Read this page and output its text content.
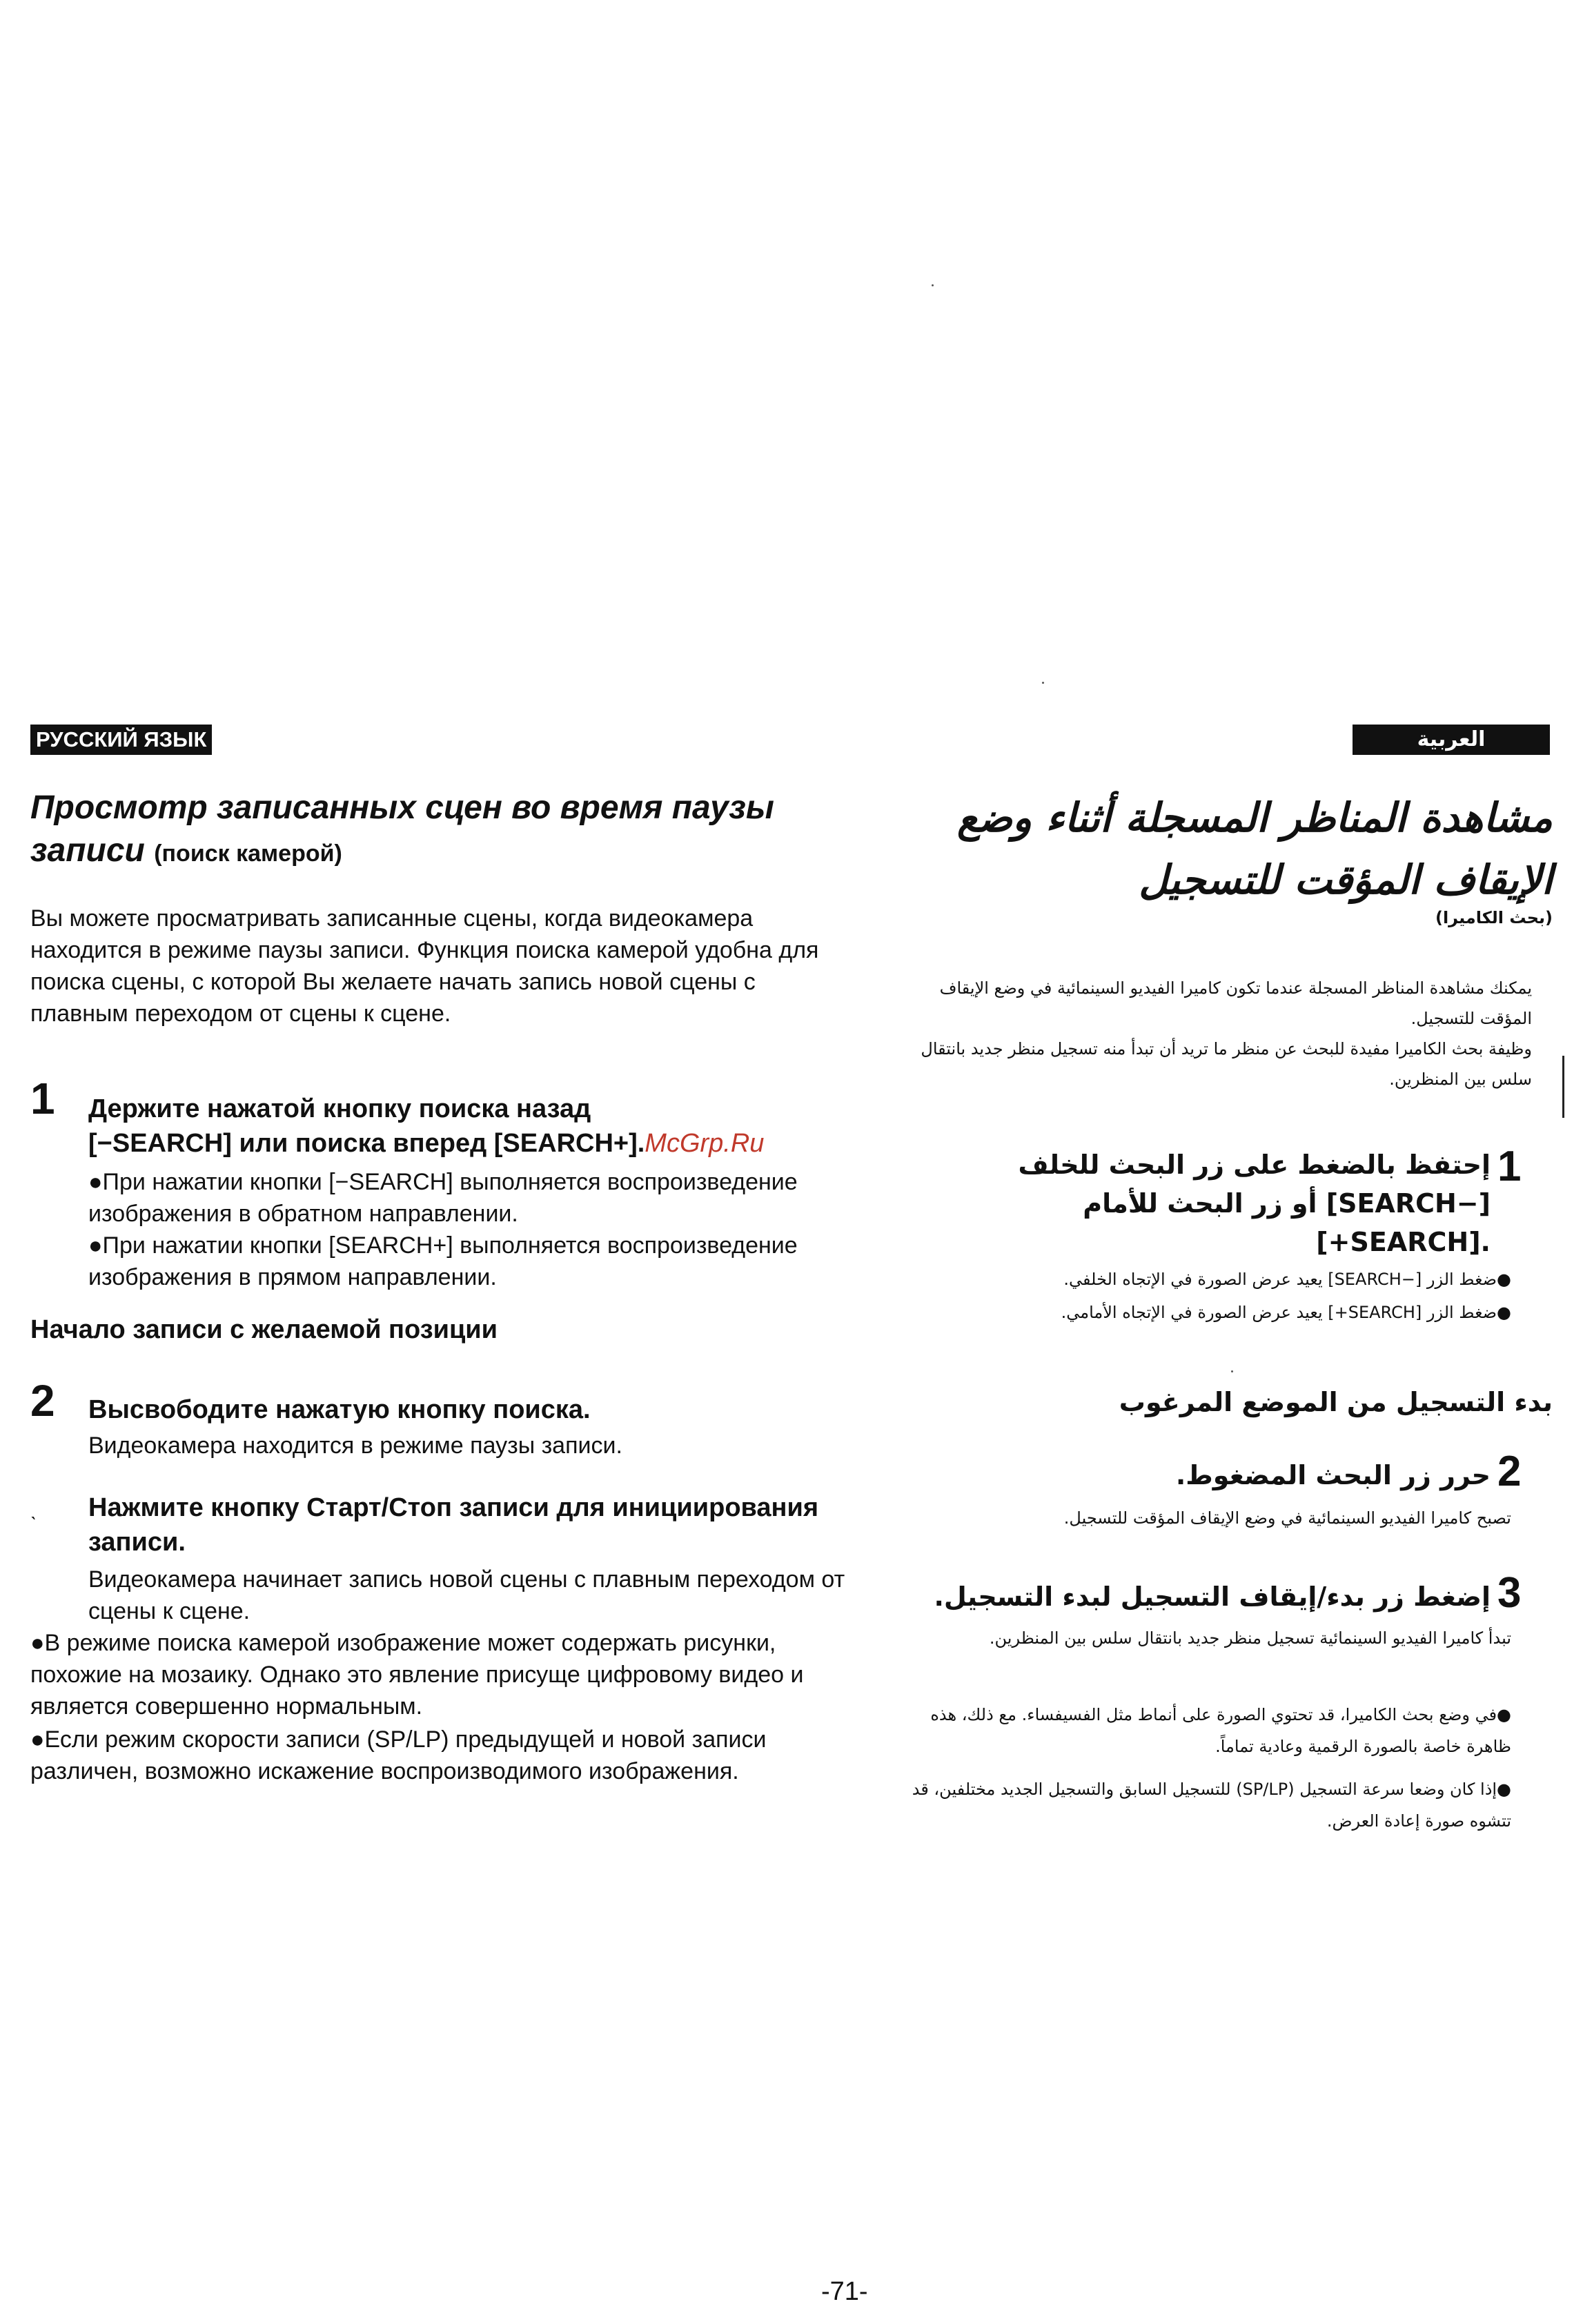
РУССКИЙ ЯЗЫК
Просмотр записанных сцен во время паузы записи (поиск камерой)
Вы можете просматривать записанные сцены, когда видеокамера находится в режиме паузы записи. Функция поиска камерой удобна для поиска сцены, с которой Вы желаете начать запись новой сцены с плавным переходом от сцены к сцене.
1 Держите нажатой кнопку поиска назад
[−SEARCH] или поиска вперед [SEARCH+].McGrp.Ru
●При нажатии кнопки [−SEARCH] выполняется воспроизведение изображения в обратном направлении.
●При нажатии кнопки [SEARCH+] выполняется воспроизведение изображения в прямом направлении.
Начало записи с желаемой позиции
2 Высвободите нажатую кнопку поиска.
Видеокамера находится в режиме паузы записи.
ˎ Нажмите кнопку Старт/Стоп записи для инициирования записи.
Видеокамера начинает запись новой сцены с плавным переходом от сцены к сцене.
●В режиме поиска камерой изображение может содержать рисунки, похожие на мозаику. Однако это явление присуще цифровому видео и является совершенно нормальным.
●Если режим скорости записи (SP/LP) предыдущей и новой записи различен, возможно искажение воспроизводимого изображения.
العربية
مشاهدة المناظر المسجلة أثناء وضع
الإيقاف المؤقت للتسجيل
(بحث الكاميرا)
يمكنك مشاهدة المناظر المسجلة عندما تكون كاميرا الفيديو السينمائية في وضع الإيقاف المؤقت للتسجيل.
وظيفة بحث الكاميرا مفيدة للبحث عن منظر ما تريد أن تبدأ منه تسجيل منظر جديد بانتقال سلس بين المنظرين.
1
إحتفظ بالضغط على زر البحث للخلف
[−SEARCH] أو زر البحث للأمام
.[SEARCH+]
●ضغط الزر [−SEARCH] يعيد عرض الصورة في الإتجاه الخلفي.
●ضغط الزر [SEARCH+] يعيد عرض الصورة في الإتجاه الأمامي.
بدء التسجيل من الموضع المرغوب
2
حرر زر البحث المضغوط.
تصبح كاميرا الفيديو السينمائية في وضع الإيقاف المؤقت للتسجيل.
3
إضغط زر بدء/إيقاف التسجيل لبدء التسجيل.
تبدأ كاميرا الفيديو السينمائية تسجيل منظر جديد بانتقال سلس بين المنظرين.
●في وضع بحث الكاميرا، قد تحتوي الصورة على أنماط مثل الفسيفساء. مع ذلك، هذه ظاهرة خاصة بالصورة الرقمية وعادية تماماً.
●إذا كان وضعا سرعة التسجيل (SP/LP) للتسجيل السابق والتسجيل الجديد مختلفين، قد تتشوه صورة إعادة العرض.
-71-
